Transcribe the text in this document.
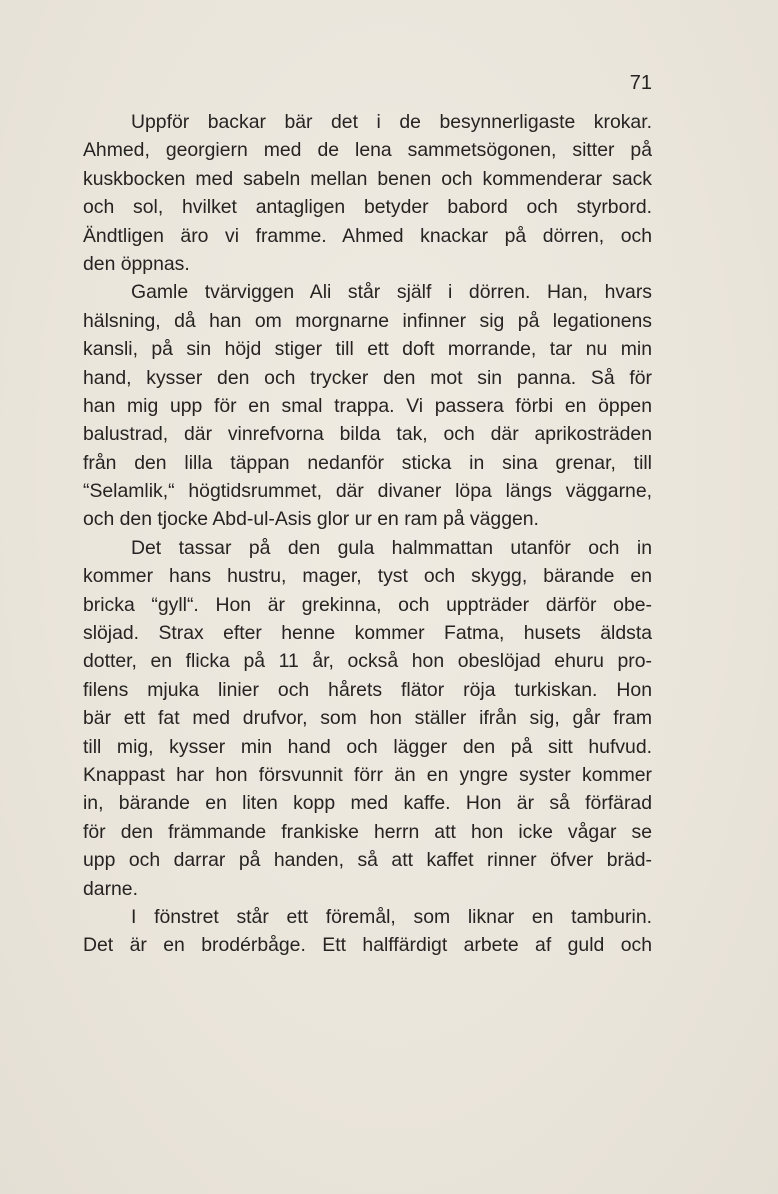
71
Uppför backar bär det i de besynnerligaste krokar.
Ahmed, georgiern med de lena sammetsögonen, sitter på
kuskbocken med sabeln mellan benen och kommenderar sack
och sol, hvilket antagligen betyder babord och styrbord.
Ändtligen äro vi framme. Ahmed knackar på dörren, och
den öppnas.
Gamle tvärviggen Ali står själf i dörren. Han, hvars
hälsning, då han om morgnarne infinner sig på legationens
kansli, på sin höjd stiger till ett doft morrande, tar nu min
hand, kysser den och trycker den mot sin panna. Så för
han mig upp för en smal trappa. Vi passera förbi en öppen
balustrad, där vinrefvorna bilda tak, och där aprikosträden
från den lilla täppan nedanför sticka in sina grenar, till
“Selamlik,“ högtidsrummet, där divaner löpa längs väggarne,
och den tjocke Abd-ul-Asis glor ur en ram på väggen.
Det tassar på den gula halmmattan utanför och in
kommer hans hustru, mager, tyst och skygg, bärande en
bricka “gyll“. Hon är grekinna, och uppträder därför obe-
slöjad. Strax efter henne kommer Fatma, husets äldsta
dotter, en flicka på 11 år, också hon obeslöjad ehuru pro-
filens mjuka linier och hårets flätor röja turkiskan. Hon
bär ett fat med drufvor, som hon ställer ifrån sig, går fram
till mig, kysser min hand och lägger den på sitt hufvud.
Knappast har hon försvunnit förr än en yngre syster kommer
in, bärande en liten kopp med kaffe. Hon är så förfärad
för den främmande frankiske herrn att hon icke vågar se
upp och darrar på handen, så att kaffet rinner öfver bräd-
darne.
I fönstret står ett föremål, som liknar en tamburin.
Det är en brodérbåge. Ett halffärdigt arbete af guld och
